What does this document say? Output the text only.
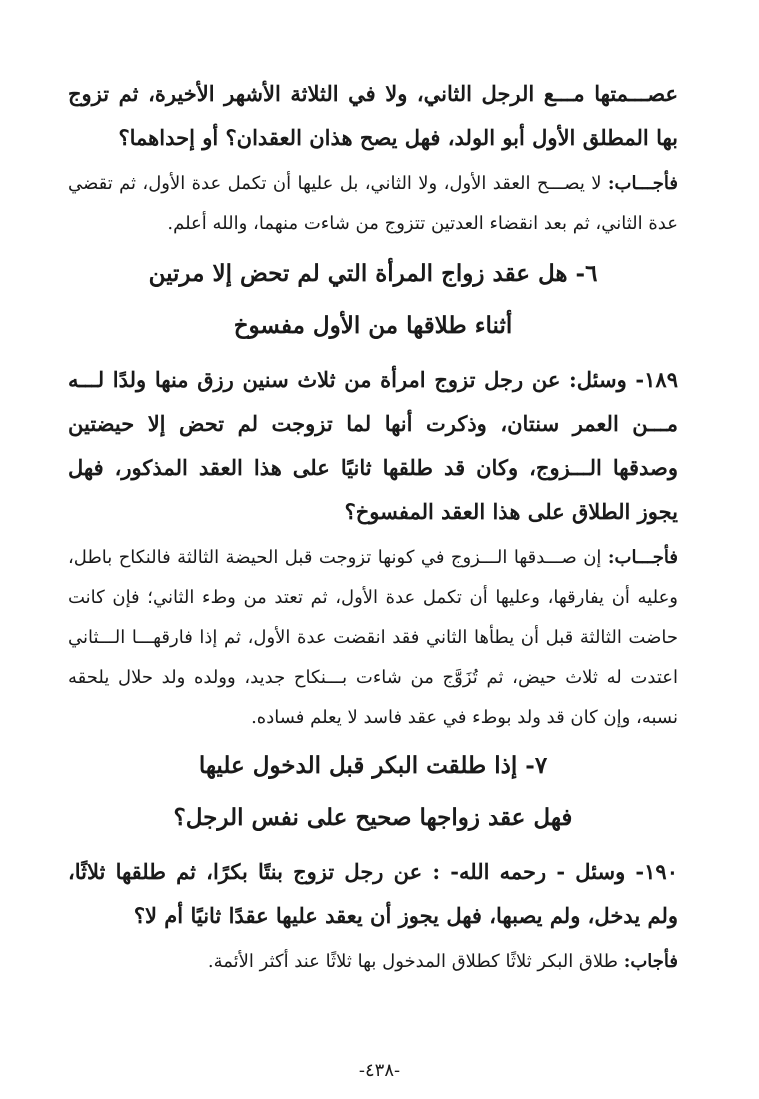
عصـــمتها مـــع الرجل الثاني، ولا في الثلاثة الأشهر الأخيرة، ثم تزوج بها المطلق الأول أبو الولد، فهل يصح هذان العقدان؟ أو إحداهما؟

فأجـــاب: لا يصـــح العقد الأول، ولا الثاني، بل عليها أن تكمل عدة الأول، ثم تقضي عدة الثاني، ثم بعد انقضاء العدتين تتزوج من شاءت منهما، والله أعلم.

٦- هل عقد زواج المرأة التي لم تحض إلا مرتين

أثناء طلاقها من الأول مفسوخ

١٨٩- وسئل: عن رجل تزوج امرأة من ثلاث سنين رزق منها ولدًا لـــه مـــن العمر سنتان، وذكرت أنها لما تزوجت لم تحض إلا حيضتين وصدقها الـــزوج، وكان قد طلقها ثانيًا على هذا العقد المذكور، فهل يجوز الطلاق على هذا العقد المفسوخ؟

فأجـــاب: إن صـــدقها الـــزوج في كونها تزوجت قبل الحيضة الثالثة فالنكاح باطل، وعليه أن يفارقها، وعليها أن تكمل عدة الأول، ثم تعتد من وطء الثاني؛ فإن كانت حاضت الثالثة قبل أن يطأها الثاني فقد انقضت عدة الأول، ثم إذا فارقهـــا الـــثاني اعتدت له ثلاث حيض، ثم تُزَوَّج من شاءت بـــنكاح جديد، وولده ولد حلال يلحقه نسبه، وإن كان قد ولد بوطء في عقد فاسد لا يعلم فساده.

٧- إذا طلقت البكر قبل الدخول عليها

فهل عقد زواجها صحيح على نفس الرجل؟

١٩٠- وسئل - رحمه الله- : عن رجل تزوج بنتًا بكرًا، ثم طلقها ثلاثًا، ولم يدخل، ولم يصبها، فهل يجوز أن يعقد عليها عقدًا ثانيًا أم لا؟

فأجاب: طلاق البكر ثلاثًا كطلاق المدخول بها ثلاثًا عند أكثر الأئمة.

-٤٣٨-
